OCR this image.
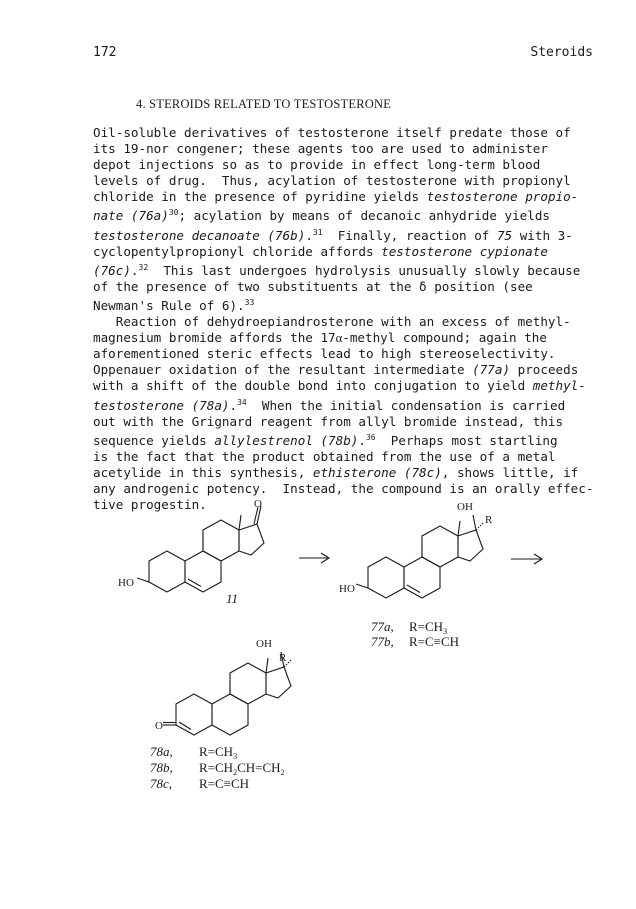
172	Steroids
4. STEROIDS RELATED TO TESTOSTERONE
Oil-soluble derivatives of testosterone itself predate those of
its 19-nor congener; these agents too are used to administer
depot injections so as to provide in effect long-term blood
levels of drug.  Thus, acylation of testosterone with propionyl
chloride in the presence of pyridine yields testosterone propio-
nate $(76a)^{30}$; acylation by means of decanoic anhydride yields
testosterone decanoate (76b).$^{31}$  Finally, reaction of 75 with 3-
cyclopentylpropionyl chloride affords testosterone cypionate
(76c).$^{32}$  This last undergoes hydrolysis unusually slowly because
of the presence of two substituents at the δ position (see
Newman's Rule of 6).$^{33}$
Reaction of dehydroepiandrosterone with an excess of methyl-
magnesium bromide affords the 17α-methyl compound; again the
aforementioned steric effects lead to high stereoselectivity.
Oppenauer oxidation of the resultant intermediate (77a) proceeds
with a shift of the double bond into conjugation to yield methyl-
testosterone (78a).$^{34}$  When the initial condensation is carried
out with the Grignard reagent from allyl bromide instead, this
sequence yields allylestrenol (78b).$^{36}$  Perhaps most startling
is the fact that the product obtained from the use of a metal
acetylide in this synthesis, ethisterone (78c), shows little, if
any androgenic potency.  Instead, the compound is an orally effec-
tive progestin.
HO
O
11
HO
OH
R
77a, $R=CH_3$
77b, R=C≡CH
O
OH
R
78a, $R=CH_3$
78b, $R=CH_2CH=CH_2$
78c, R=C≡CH
